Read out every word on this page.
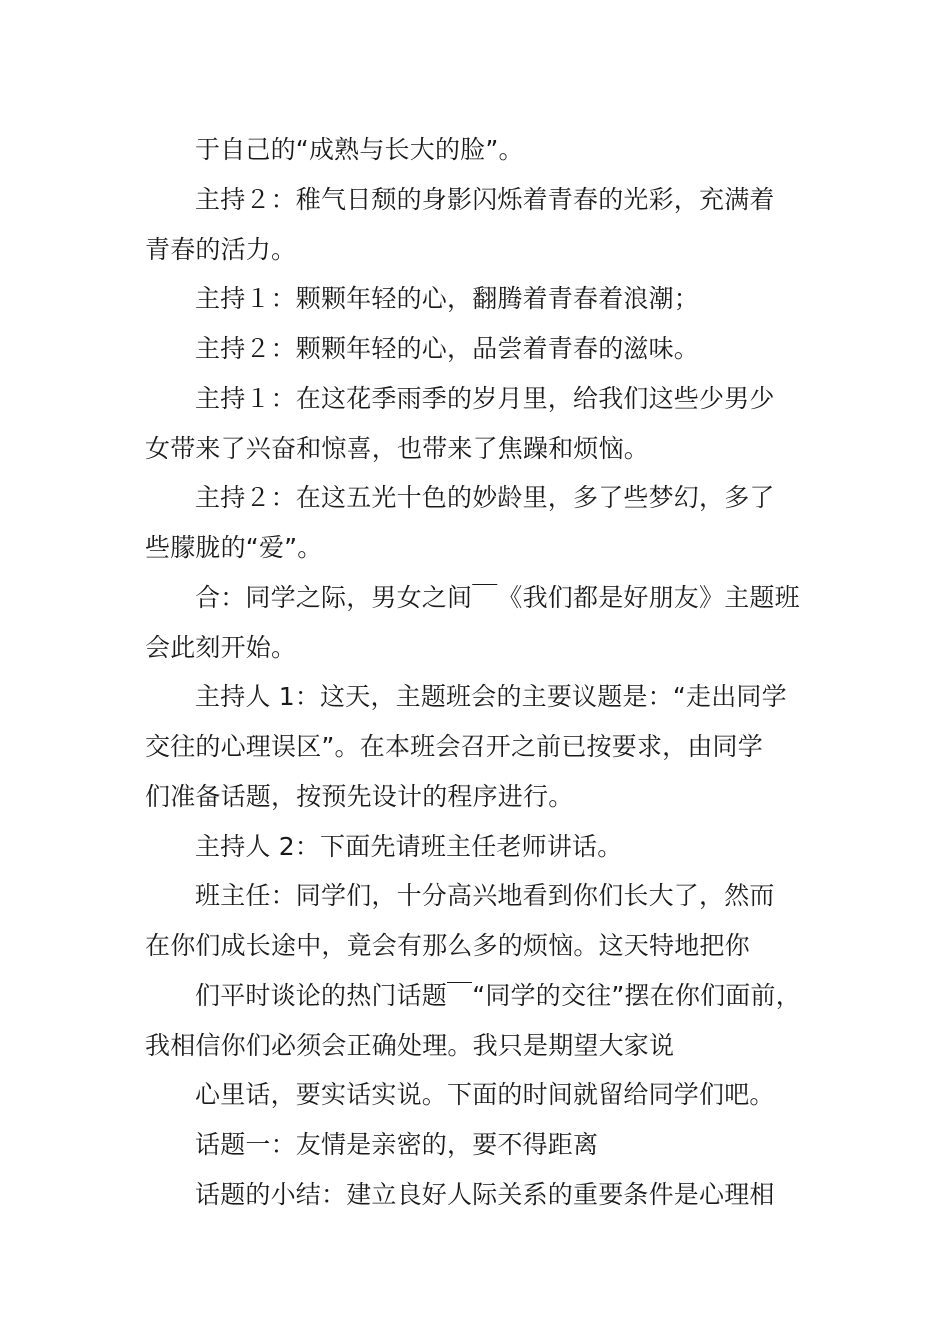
于自己的“成熟与长大的脸”。

主持２：稚气日颓的身影闪烁着青春的光彩，充满着

青春的活力。

主持１：颗颗年轻的心，翻腾着青春着浪潮；

主持２：颗颗年轻的心，品尝着青春的滋味。

主持１：在这花季雨季的岁月里，给我们这些少男少

女带来了兴奋和惊喜，也带来了焦躁和烦恼。

主持２：在这五光十色的妙龄里，多了些梦幻，多了

些朦胧的“爱”。

合：同学之际，男女之间￣《我们都是好朋友》主题班

会此刻开始。

主持人 1：这天，主题班会的主要议题是：“走出同学

交往的心理误区”。在本班会召开之前已按要求，由同学

们准备话题，按预先设计的程序进行。

主持人 2：下面先请班主任老师讲话。

班主任：同学们，十分高兴地看到你们长大了，然而

在你们成长途中，竟会有那么多的烦恼。这天特地把你

们平时谈论的热门话题￣“同学的交往”摆在你们面前，

我相信你们必须会正确处理。我只是期望大家说

心里话，要实话实说。下面的时间就留给同学们吧。

话题一：友情是亲密的，要不得距离

话题的小结：建立良好人际关系的重要条件是心理相
